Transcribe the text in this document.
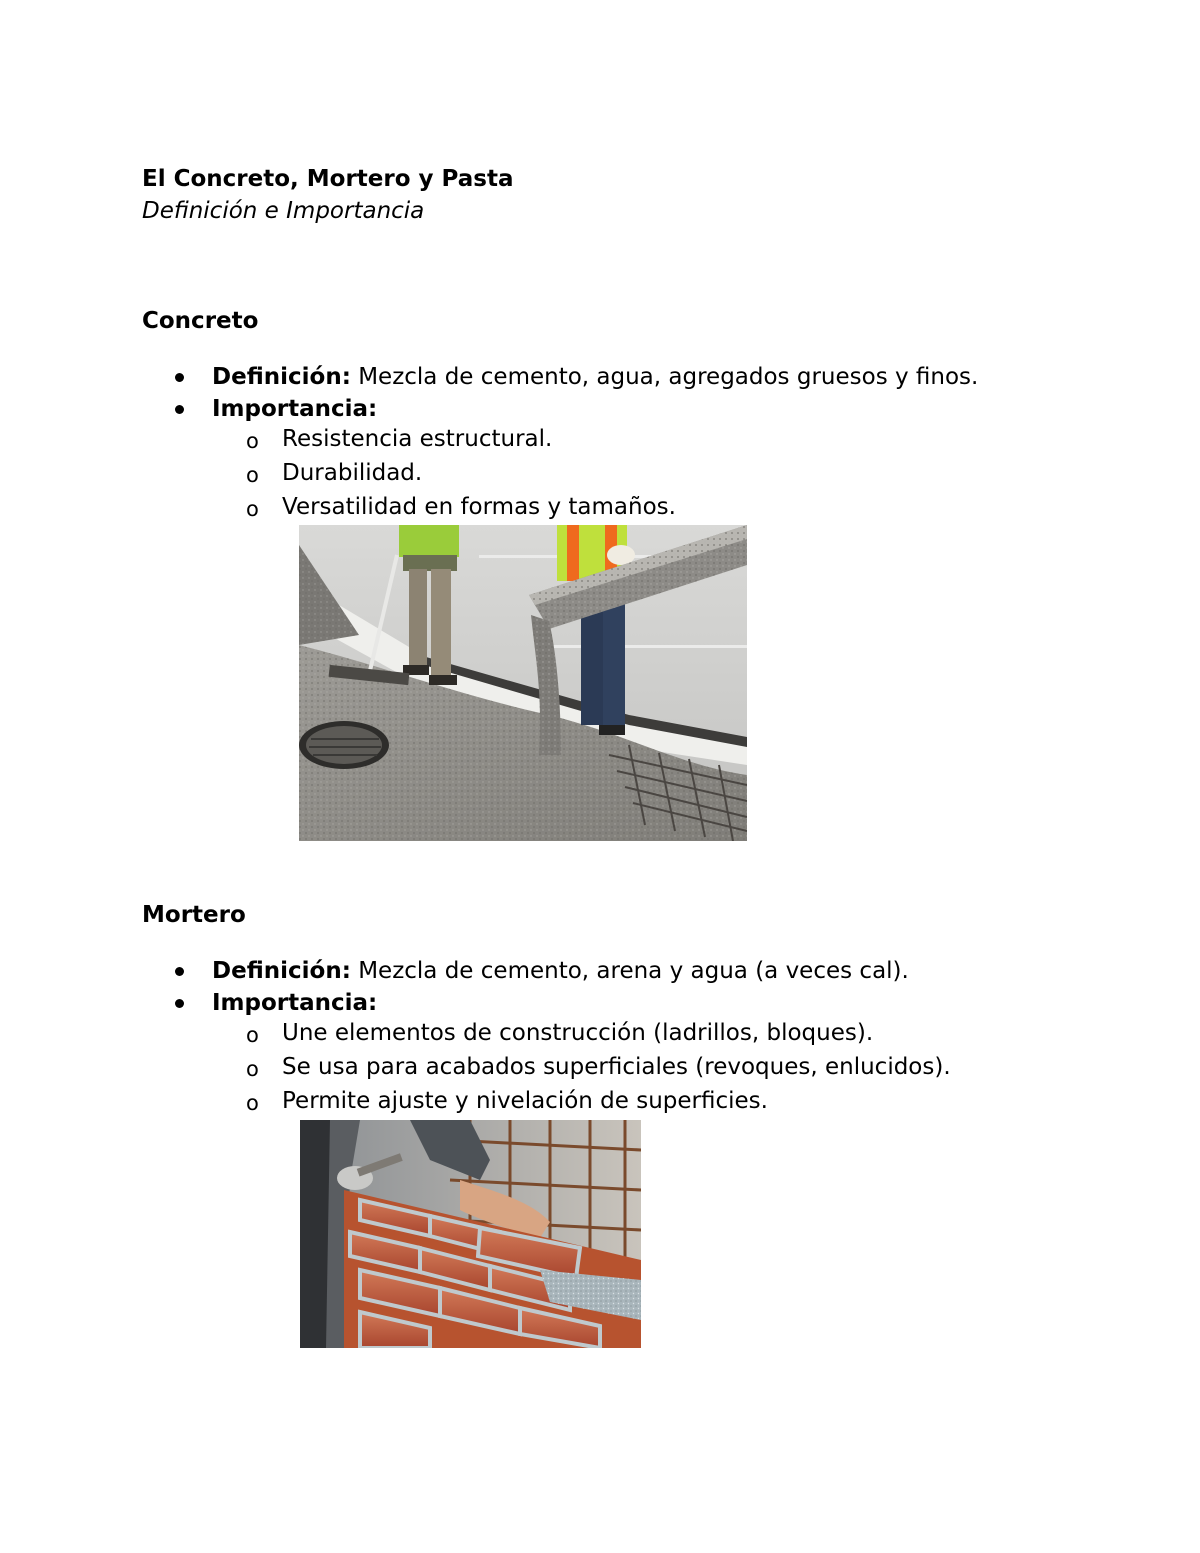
El Concreto, Mortero y Pasta
Definición e Importancia
Concreto
Definición: Mezcla de cemento, agua, agregados gruesos y finos.
Importancia:
o Resistencia estructural.
o Durabilidad.
o Versatilidad en formas y tamaños.
Mortero
Definición: Mezcla de cemento, arena y agua (a veces cal).
Importancia:
o Une elementos de construcción (ladrillos, bloques).
o Se usa para acabados superficiales (revoques, enlucidos).
o Permite ajuste y nivelación de superficies.
